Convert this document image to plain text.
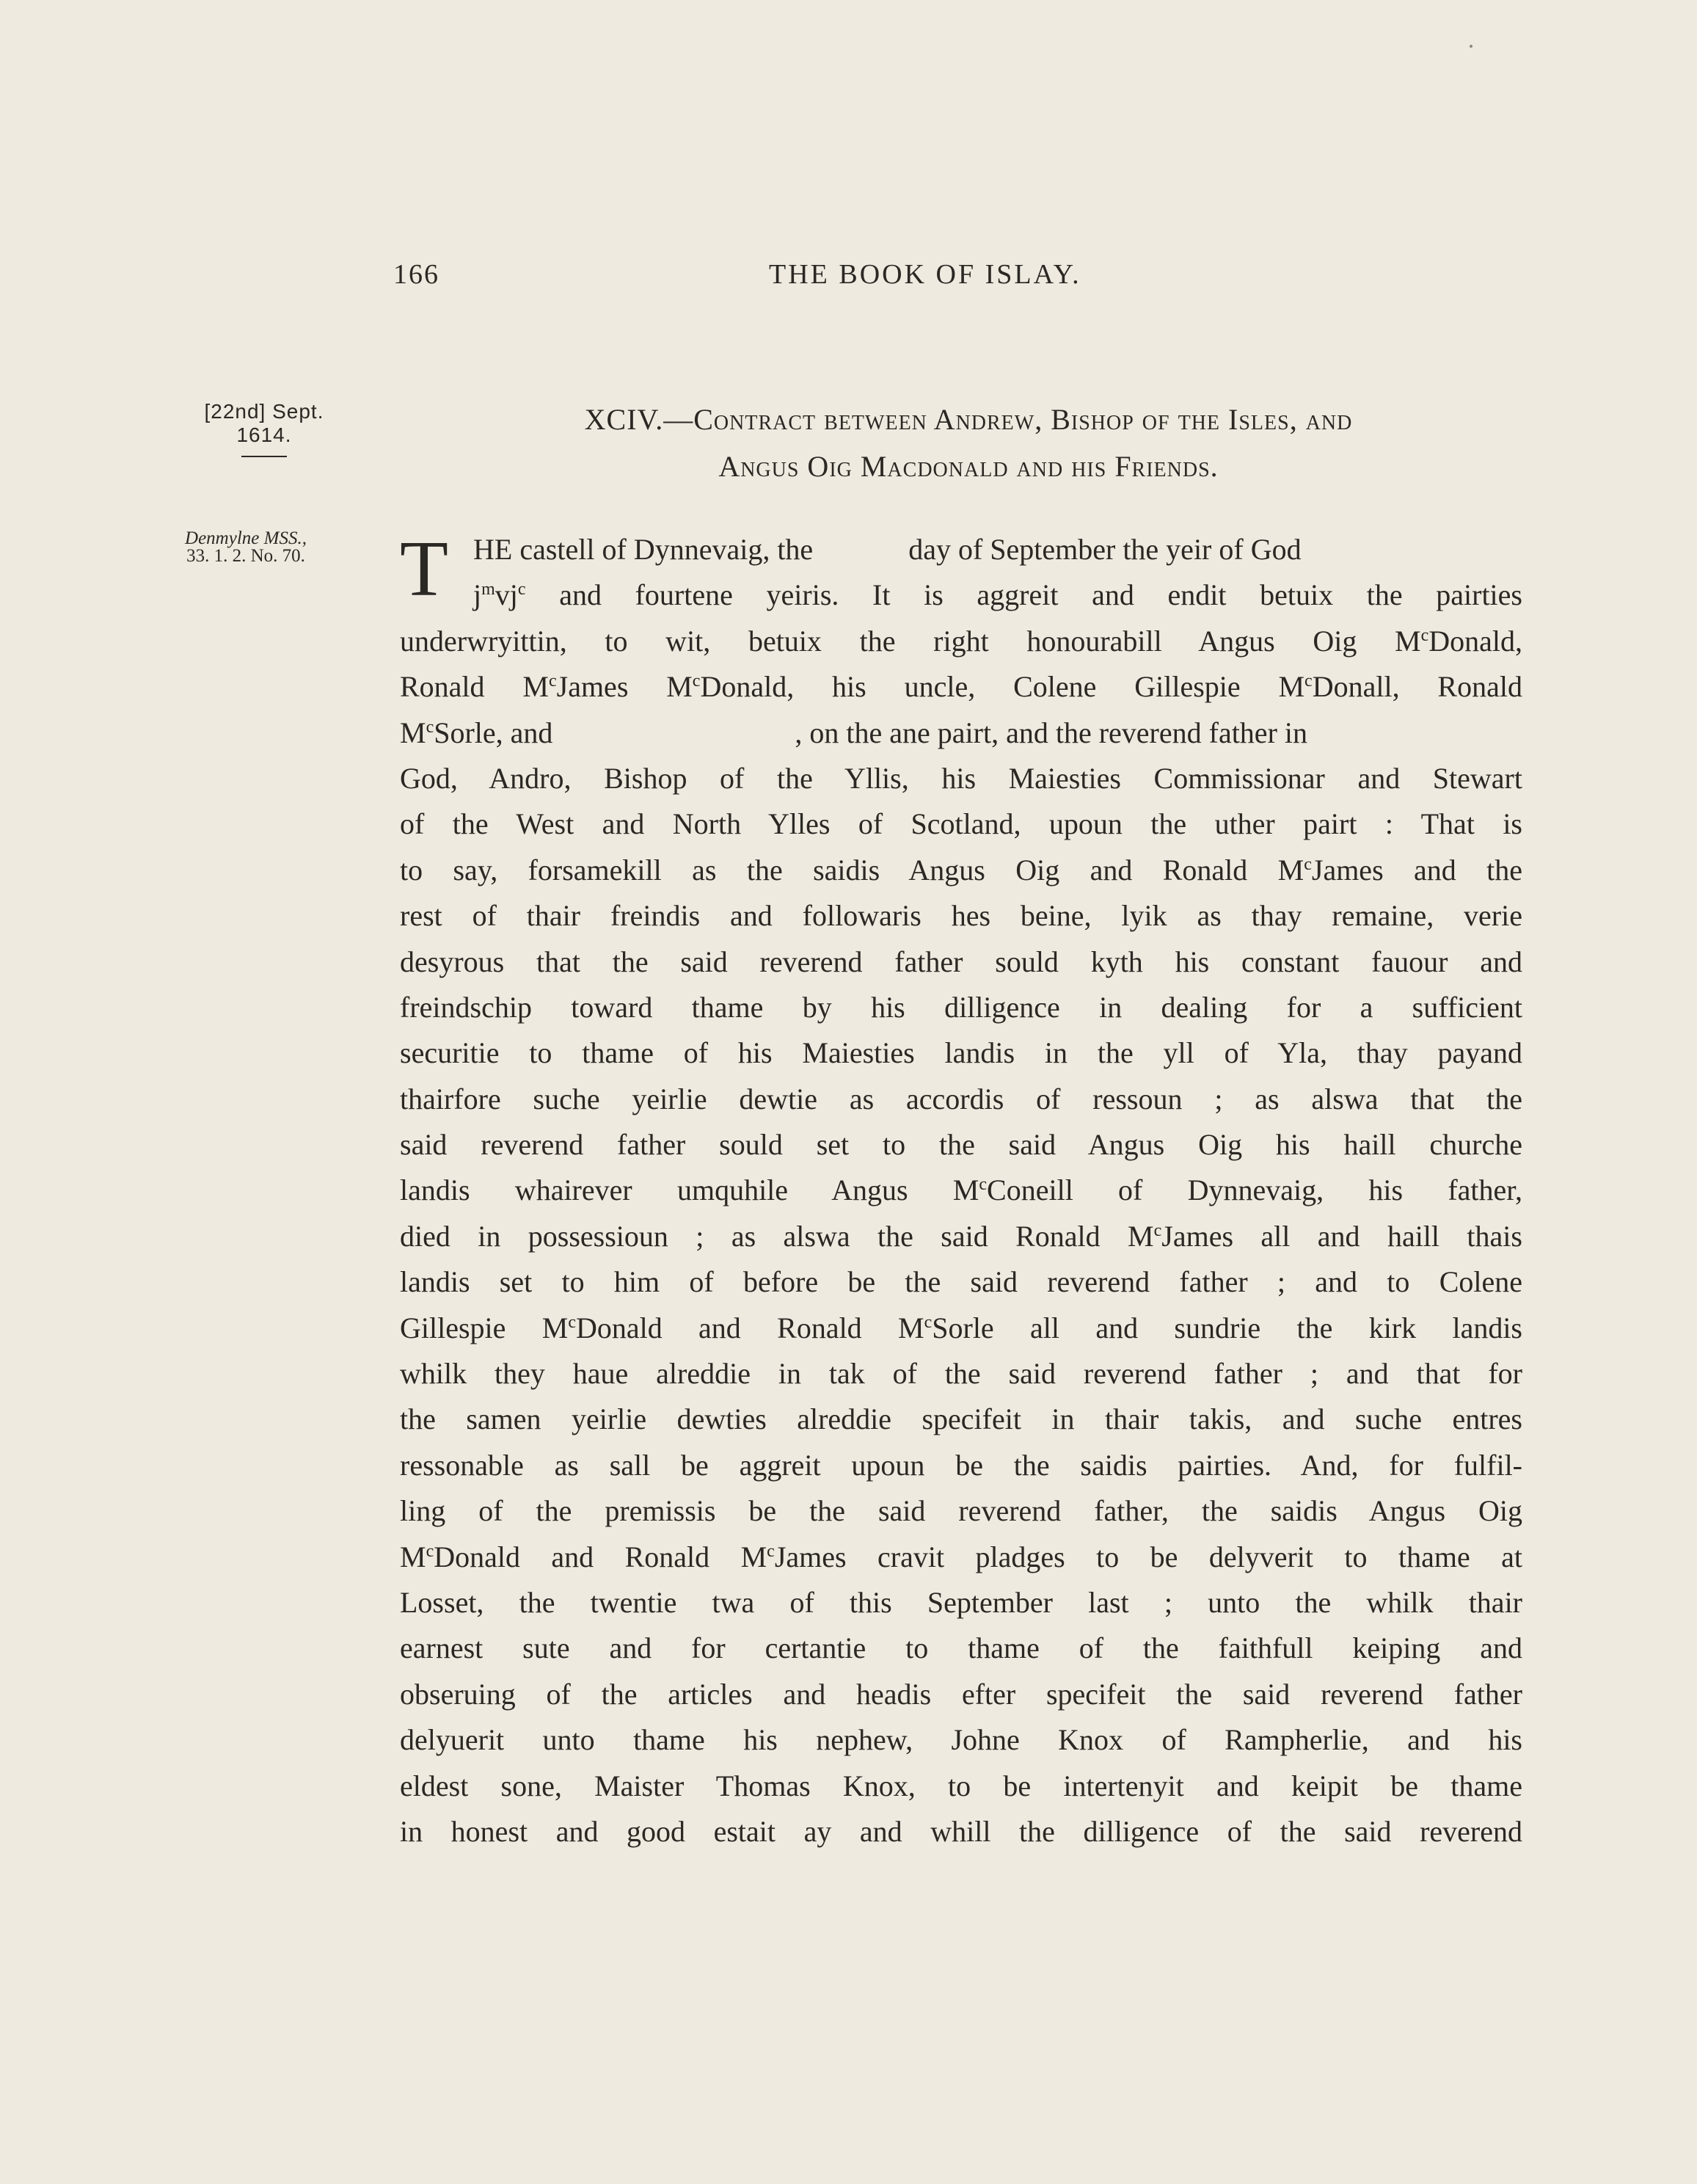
166	THE BOOK OF ISLAY.
[22nd] Sept.
1614.
Denmylne MSS.,
33. 1. 2. No. 70.
XCIV.—Contract between Andrew, Bishop of the Isles, and
Angus Oig Macdonald and his Friends.
T HE castell of Dynnevaig, the	day of September the yeir of God
$j^mvj^c$ and fourtene yeiris. It is aggreit and endit betuix the pairties
underwryittin, to wit, betuix the right honourabill Angus Oig $M^cDonald$,
Ronald $M^cJames$ $M^cDonald$, his uncle, Colene Gillespie $M^cDonall$, Ronald
$M^cSorle$, and	, on the ane pairt, and the reverend father in
God, Andro, Bishop of the Yllis, his Maiesties Commissionar and Stewart
of the West and North Ylles of Scotland, upoun the uther pairt : That is
to say, forsamekill as the saidis Angus Oig and Ronald $M^cJames$ and the
rest of thair freindis and followaris hes beine, lyik as thay remaine, verie
desyrous that the said reverend father sould kyth his constant fauour and
freindschip toward thame by his dilligence in dealing for a sufficient
securitie to thame of his Maiesties landis in the yll of Yla, thay payand
thairfore suche yeirlie dewtie as accordis of ressoun ; as alswa that the
said reverend father sould set to the said Angus Oig his haill churche
landis whairever umquhile Angus $M^cConeill$ of Dynnevaig, his father,
died in possessioun ; as alswa the said Ronald $M^cJames$ all and haill thais
landis set to him of before be the said reverend father ; and to Colene
Gillespie $M^cDonald$ and Ronald $M^cSorle$ all and sundrie the kirk landis
whilk they haue alreddie in tak of the said reverend father ; and that for
the samen yeirlie dewties alreddie specifeit in thair takis, and suche entres
ressonable as sall be aggreit upoun be the saidis pairties. And, for fulfil-
ling of the premissis be the said reverend father, the saidis Angus Oig
$M^cDonald$ and Ronald $M^cJames$ cravit pladges to be delyverit to thame at
Losset, the twentie twa of this September last ; unto the whilk thair
earnest sute and for certantie to thame of the faithfull keiping and
obseruing of the articles and headis efter specifeit the said reverend father
delyuerit unto thame his nephew, Johne Knox of Rampherlie, and his
eldest sone, Maister Thomas Knox, to be intertenyit and keipit be thame
in honest and good estait ay and whill the dilligence of the said reverend
